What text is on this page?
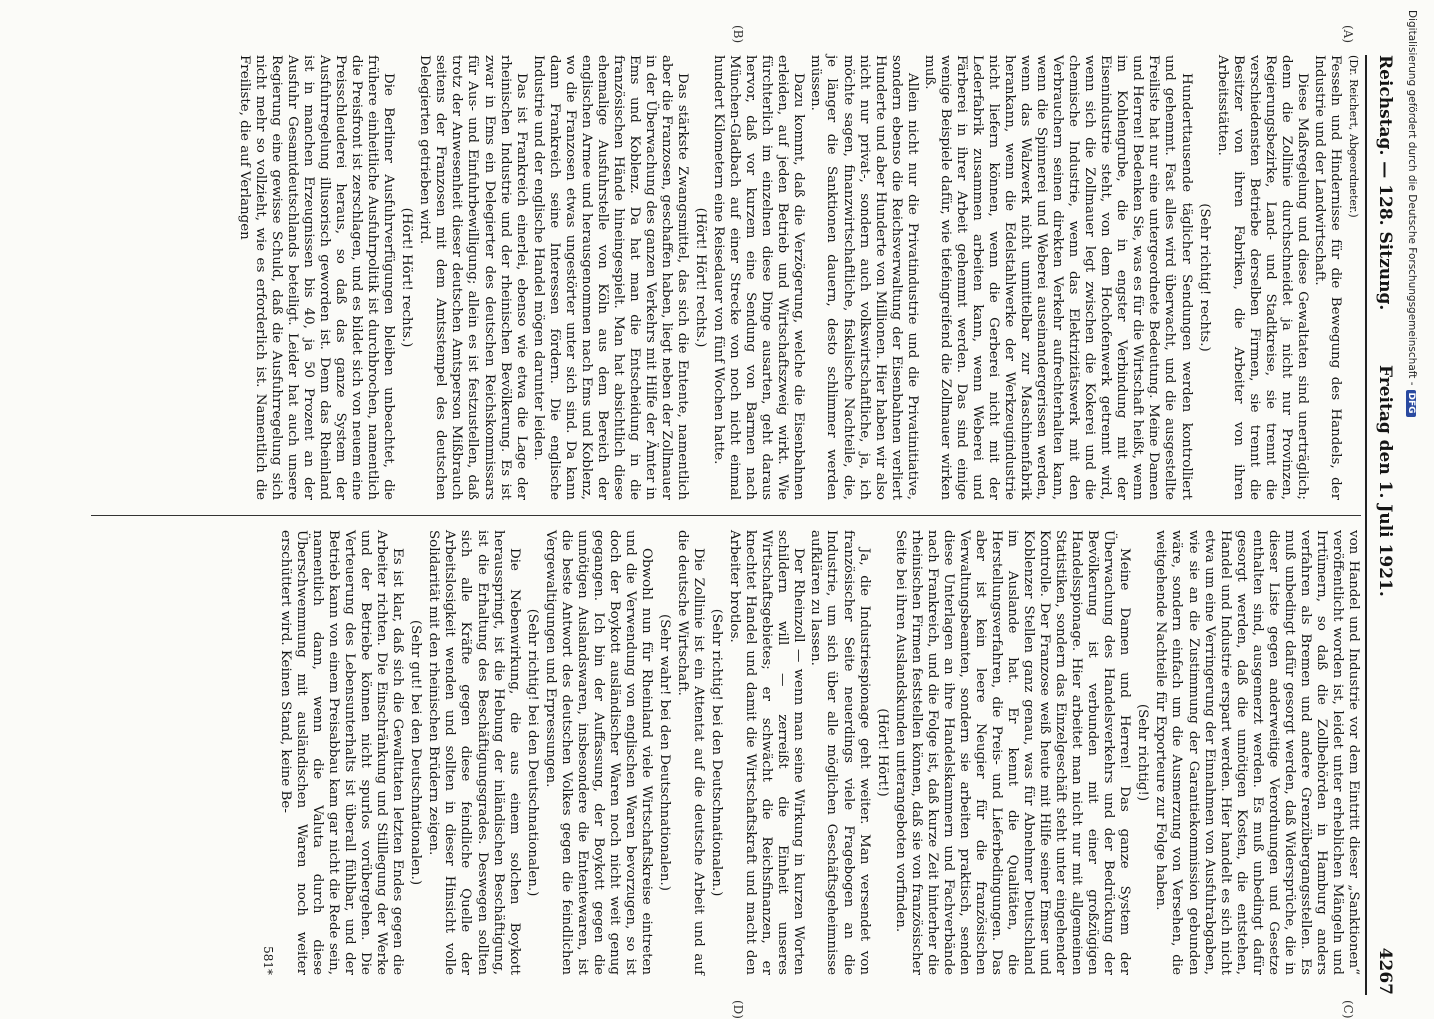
Reichstag. — 128. Sitzung.
Freitag den 1. Juli 1921.
4267
(A)
(B)
(C)
(D)
(Dr. Reichert, Abgeordneter.)

Fesseln und Hindernisse für die Bewegung des Handels, der Industrie und der Landwirtschaft.

Diese Maßregelung und diese Gewaltaten sind unerträglich; denn die Zollinie durchschneidet ja nicht nur Provinzen, Regierungsbezirke, Land- und Stadtkreise, sie trennt die verschiedensten Betriebe derselben Firmen, sie trennt die Besitzer von ihren Fabriken, die Arbeiter von ihren Arbeitsstätten.

(Sehr richtig! rechts.)

Hunderttausende täglicher Sendungen werden kontrolliert und gehemmt. Fast alles wird überwacht, und die ausgestellte Freiliste hat nur eine untergeordnete Bedeutung. Meine Damen und Herren! Bedenken Sie, was es für die Wirtschaft heißt, wenn im Kohlengrube, die in engster Verbindung mit der Eisenindustrie steht, von dem Hochofenwerk getrennt wird, wenn sich die Zollmauer legt zwischen die Kokerei und die chemische Industrie, wenn das Elektrizitätswerk mit den Verbrauchern seinen direkten Verkehr aufrechterhalten kann, wenn die Spinnerei und Weberei auseinandergerissen werden, wenn das Walzwerk nicht unmittelbar zur Maschinenfabrik herankann, wenn die Edelstahlwerke der Werkzeugindustrie nicht liefern können, wenn die Gerberei nicht mit der Lederfabrik zusammen arbeiten kann, wenn Weberei und Färberei in ihrer Arbeit gehemmt werden. Das sind einige wenige Beispiele dafür, wie tiefeingreifend die Zollmauer wirken muß.

Allein nicht nur die Privatindustrie und die Privatinitiative, sondern ebenso die Reichsverwaltung der Eisenbahnen verliert Hunderte und aber Hunderte von Millionen. Hier haben wir also nicht nur privat-, sondern auch volkswirtschaftliche, ja, ich möchte sagen, finanzwirtschaftliche, fiskalische Nachteile, die, je länger die Sanktionen dauern, desto schlimmer werden müssen.

Dazu kommt, daß die Verzögerung, welche die Eisenbahnen erleiden, auf jeden Betrieb und Wirtschaftszweig wirkt. Wie fürchterlich im einzelnen diese Dinge ausarten, geht daraus hervor, daß vor kurzem eine Sendung von Barmen nach München-Gladbach auf einer Strecke von noch nicht einmal hundert Kilometern eine Reisedauer von fünf Wochen hatte.

(Hört! Hört! rechts.)

Das stärkste Zwangsmittel, das sich die Entente, namentlich aber die Franzosen, geschaffen haben, liegt neben der Zollmauer in der Überwachung des ganzen Verkehrs mit Hilfe der Ämter in Ems und Koblenz. Da hat man die Entscheidung in die französischen Hände hineingespielt. Man hat absichtlich diese ehemalige Ausfuhrstelle von Köln aus dem Bereich der englischen Armee und herausgenommen nach Ems und Koblenz, wo die Franzosen etwas ungestörter unter sich sind. Da kann dann Frankreich seine Interessen fördern. Die englische Industrie und der englische Handel mögen darunter leiden.

Das ist Frankreich einerlei, ebenso wie etwa die Lage der rheinischen Industrie und der rheinischen Bevölkerung. Es ist zwar in Ems ein Delegierter des deutschen Reichskommissars für Aus- und Einfuhrbewilligung; allein es ist festzustellen, daß trotz der Anwesenheit dieser deutschen Amtsperson Mißbrauch seitens der Franzosen mit dem Amtsstempel des deutschen Delegierten getrieben wird.

(Hört! Hört! rechts.)

Die Berliner Ausfuhrverfügungen bleiben unbeachtet, die frühere einheitliche Ausfuhrpolitik ist durchbrochen, namentlich die Preisfront ist zerschlagen, und es bildet sich von neuem eine Preisschleuderei heraus, so daß das ganze System der Ausfuhrregelung illusorisch geworden ist. Denn das Rheinland ist in manchen Erzeugnissen bis 40, ja 50 Prozent an der Ausfuhr Gesamtdeutschlands beteiligt. Leider hat auch unsere Regierung eine gewisse Schuld, daß die Ausfuhrregelung sich nicht mehr so vollzieht, wie es erforderlich ist. Namentlich die Freiliste, die auf Verlangen

von Handel und Industrie vor dem Eintritt dieser „Sanktionen“ veröffentlicht worden ist, leidet unter erheblichen Mängeln und Irrtümern, so daß die Zollbehörden in Hamburg anders verfahren als Bremen und andere Grenzübergangsstellen. Es muß unbedingt dafür gesorgt werden, daß Widersprüche, die in dieser Liste gegen anderweitige Verordnungen und Gesetze enthalten sind, ausgemerzt werden. Es muß unbedingt dafür gesorgt werden, daß die unnötigen Kosten, die entstehen, Handel und Industrie erspart werden. Hier handelt es sich nicht etwa um eine Verringerung der Einnahmen von Ausfuhrabgaben, wie sie an die Zustimmung der Garantiekommission gebunden wäre, sondern einfach um die Ausmerzung von Versehen, die weitgehende Nachteile für Exporteure zur Folge haben.

(Sehr richtig!)

Meine Damen und Herren! Das ganze System der Überwachung des Handelsverkehrs und der Bedrückung der Bevölkerung ist verbunden mit einer großzügigen Handelsspionage. Hier arbeitet man nicht nur mit allgemeinen Statistiken, sondern das Einzelgeschäft steht unter eingehender Kontrolle. Der Franzose weiß heute mit Hilfe seiner Emser und Koblenzer Stellen ganz genau, was für Abnehmer Deutschland im Auslande hat. Er kennt die Qualitäten, die Herstellungsverfahren, die Preis- und Lieferbedingungen. Das aber ist kein leere Neugier für die französischen Verwaltungsbeamten, sondern sie arbeiten praktisch, senden diese Unterlagen an ihre Handelskammern und Fachverbände nach Frankreich, und die Folge ist, daß kurze Zeit hinterher die rheinischen Firmen feststellen können, daß sie von französischer Seite bei ihren Auslandskunden unterangeboten vorfinden.

(Hört! Hört!)

Ja, die Industriespionage geht weiter. Man versendet von französischer Seite neuerdings viele Fragebogen an die Industrie, um sich über alle möglichen Geschäftsgeheimnisse aufklären zu lassen.

Der Rheinzoll — wenn man seine Wirkung in kurzen Worten schildern will — zerreißt die Einheit unseres Wirtschaftsgebietes; er schwächt die Reichsfinanzen, er knechtet Handel und damit die Wirtschaftskraft und macht den Arbeiter brotlos.

(Sehr richtig! bei den Deutschnationalen.)

Die Zollinie ist ein Attentat auf die deutsche Arbeit und auf die deutsche Wirtschaft.

(Sehr wahr! bei den Deutschnationalen.)

Obwohl nun für Rheinland viele Wirtschaftskreise eintreten und die Verwendung von englischen Waren bevorzugen, so ist doch der Boykott ausländischer Waren noch nicht weit genug gegangen. Ich bin der Auffassung, der Boykott gegen die unnötigen Auslandswaren, insbesondere die Ententewaren, ist die beste Antwort des deutschen Volkes gegen die feindlichen Vergewaltigungen und Erpressungen.

(Sehr richtig! bei den Deutschnationalen.)

Die Nebenwirkung, die aus einem solchen Boykott herausspringt, ist die Hebung der inländischen Beschäftigung, ist die Erhaltung des Beschäftigungsgrades. Deswegen sollten sich alle Kräfte gegen diese feindliche Quelle der Arbeitslosigkeit wenden und sollten in dieser Hinsicht volle Solidarität mit den rheinischen Brüdern zeigen.

(Sehr gut! bei den Deutschnationalen.)

Es ist klar, daß sich die Gewalttaten letzten Endes gegen die Arbeiter richten. Die Einschränkung und Stilllegung der Werke und der Betriebe können nicht spurlos vorübergehen. Die Verteuerung des Lebensunterhalts ist überall fühlbar, und der Betrieb kann von einem Preisabbau kam gar nicht die Rede sein, namentlich dann, wenn die Valuta durch diese Überschwemmung mit ausländischen Waren noch weiter erschüttert wird. Keinen Stand, keine Be-

581*
Digitalisierung gefördert durch die Deutsche Forschungsgemeinschaft -DFG
